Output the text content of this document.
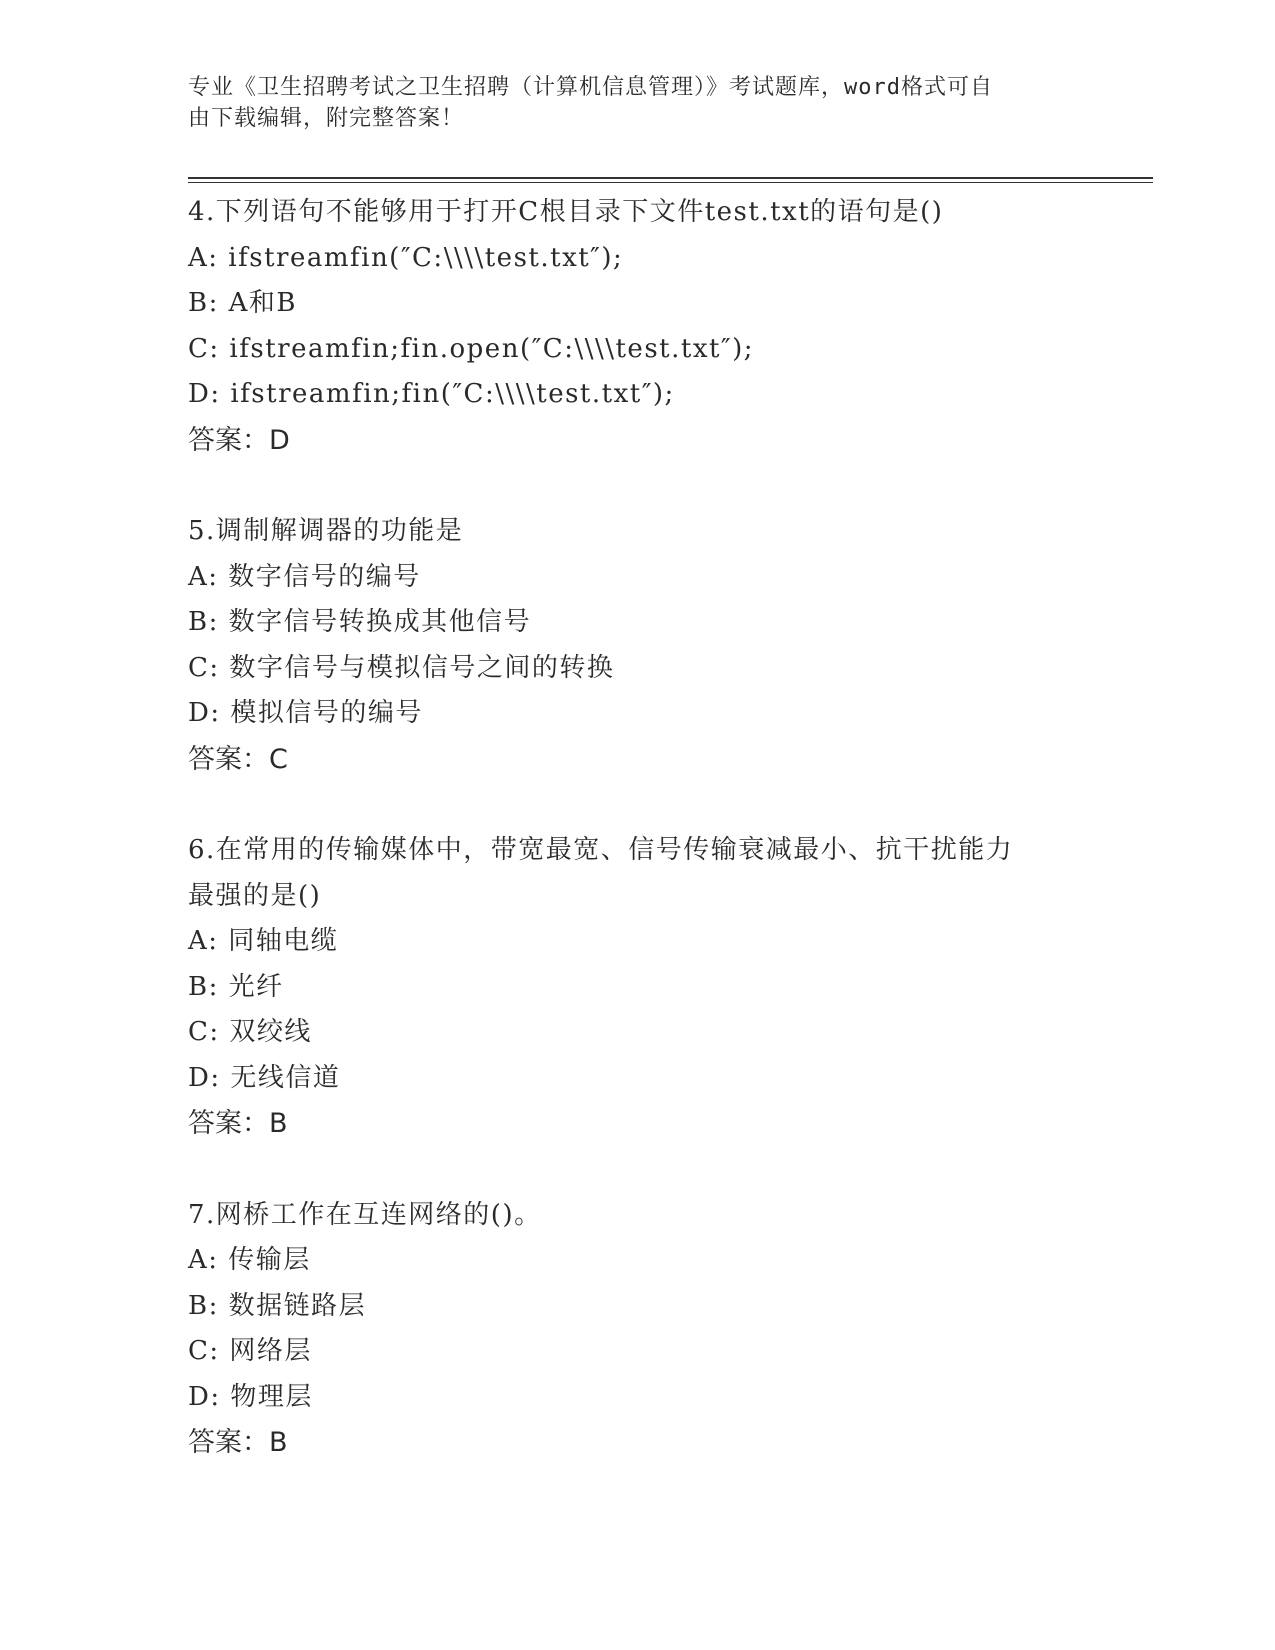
专业《卫生招聘考试之卫生招聘（计算机信息管理）》考试题库，word格式可自
由下载编辑，附完整答案！
4.下列语句不能够用于打开C根目录下文件test.txt的语句是()
A: ifstreamfin(″C:\\\\test.txt″);
B: A和B
C: ifstreamfin;fin.open(″C:\\\\test.txt″);
D: ifstreamfin;fin(″C:\\\\test.txt″);
答案：D
5.调制解调器的功能是
A: 数字信号的编号
B: 数字信号转换成其他信号
C: 数字信号与模拟信号之间的转换
D: 模拟信号的编号
答案：C
6.在常用的传输媒体中，带宽最宽、信号传输衰减最小、抗干扰能力
最强的是()
A: 同轴电缆
B: 光纤
C: 双绞线
D: 无线信道
答案：B
7.网桥工作在互连网络的()。
A: 传输层
B: 数据链路层
C: 网络层
D: 物理层
答案：B
